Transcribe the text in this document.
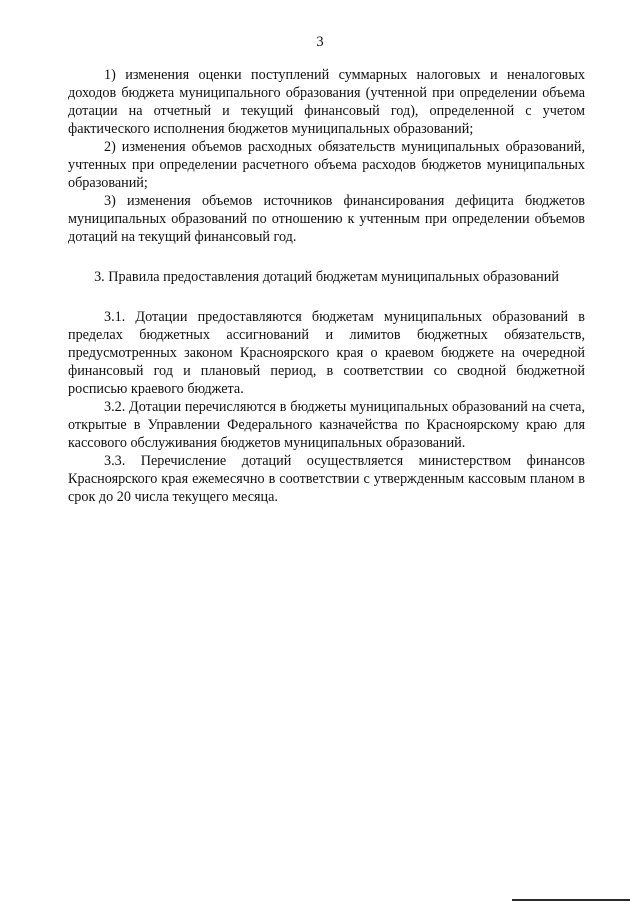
3

1) изменения оценки поступлений суммарных налоговых и неналоговых доходов бюджета муниципального образования (учтенной при определении объема дотации на отчетный и текущий финансовый год), определенной с учетом фактического исполнения бюджетов муниципальных образований;

2) изменения объемов расходных обязательств муниципальных образований, учтенных при определении расчетного объема расходов бюджетов муниципальных образований;

3) изменения объемов источников финансирования дефицита бюджетов муниципальных образований по отношению к учтенным при определении объемов дотаций на текущий финансовый год.

3. Правила предоставления дотаций бюджетам муниципальных образований

3.1. Дотации предоставляются бюджетам муниципальных образований в пределах бюджетных ассигнований и лимитов бюджетных обязательств, предусмотренных законом Красноярского края о краевом бюджете на очередной финансовый год и плановый период, в соответствии со сводной бюджетной росписью краевого бюджета.

3.2. Дотации перечисляются в бюджеты муниципальных образований на счета, открытые в Управлении Федерального казначейства по Красноярскому краю для кассового обслуживания бюджетов муниципальных образований.

3.3. Перечисление дотаций осуществляется министерством финансов Красноярского края ежемесячно в соответствии с утвержденным кассовым планом в срок до 20 числа текущего месяца.
